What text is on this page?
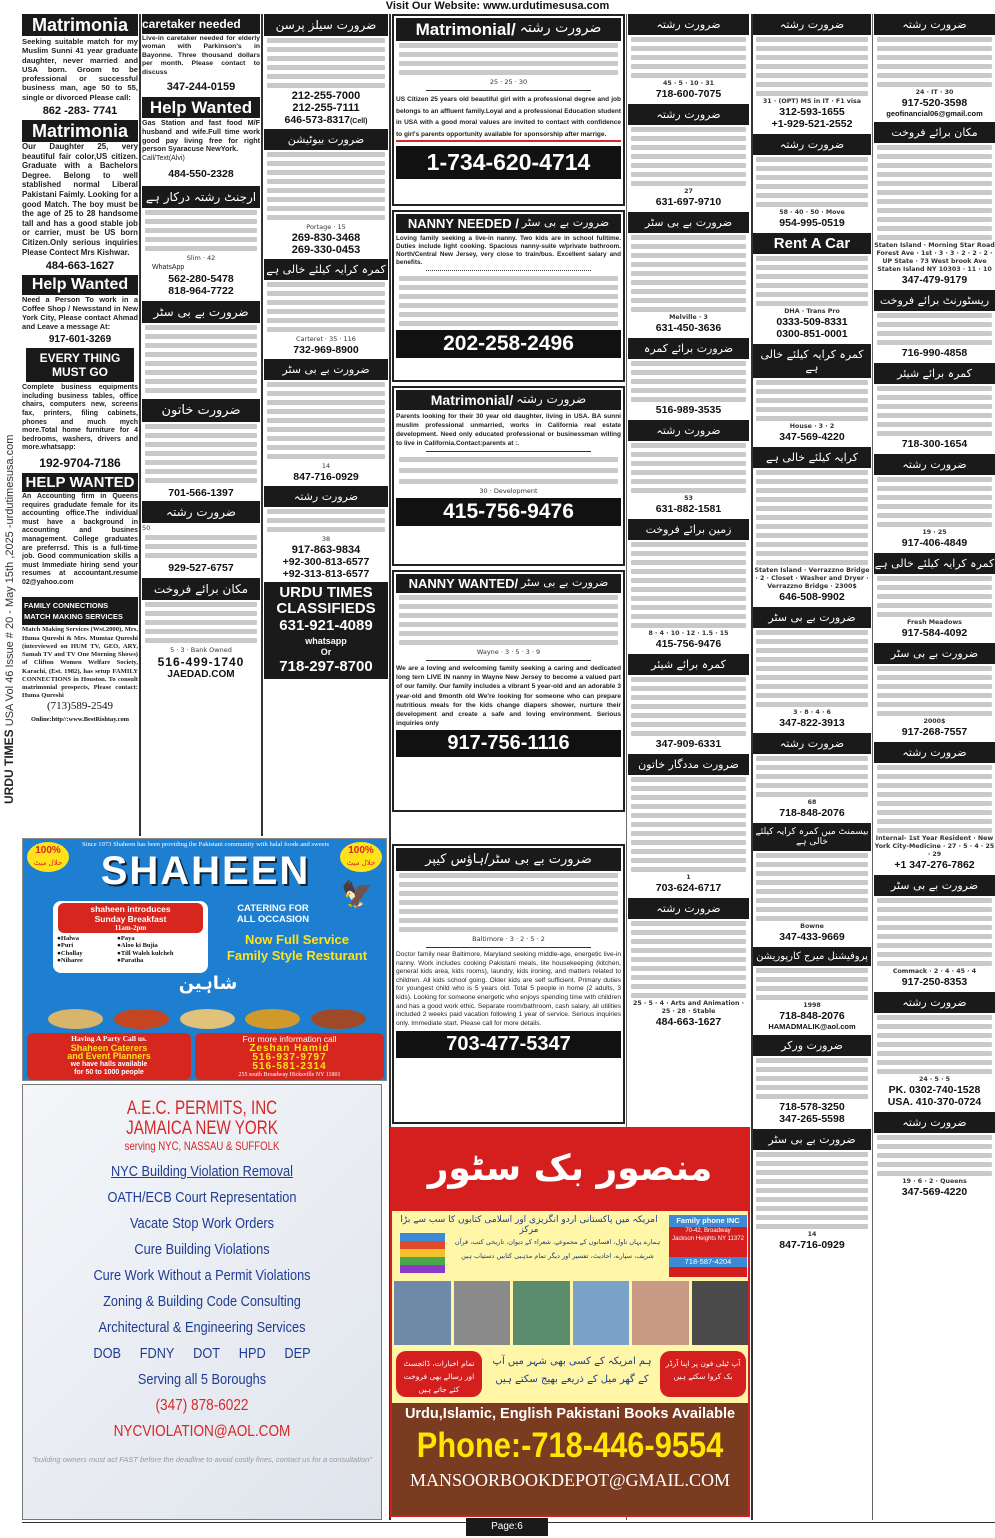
Visit Our Website: www.urdutimesusa.com
URDU TIMES USA Vol 46 Issue # 20 - May 15th ,2025 -urdutimesusa.com
Matrimonia
Seeking suitable match for my Muslim Sunni 41 year graduate daughter, never married and USA born. Groom to be professional or successful business man, age 50 to 55, single or divorced Please call:
862 -283- 7741
Matrimonia
Our Daughter 25, very beautiful fair color,US citizen. Graduate with a Bachelors Degree. Belong to well stablished normal Liberal Pakistani Faimly. Looking for a good Match. The boy must be the age of 25 to 28 handsome tall and has a good stable job or carrier, must be US born Citizen.Only serious inquiries Please Contect Mrs Kishwar.
484-663-1627
Help Wanted
Need a Person To work in a Coffee Shop / Newsstand in New York City, Please contact Ahmad and Leave a message At:
917-601-3269
EVERY THING
MUST GO
Complete business equipments including business tables, office chairs, computers new, screens fax, printers, filing cabinets, phones and much mych more.Total home furniture for 4 bedrooms, washers, drivers and more.whatsapp:
192-9704-7186
HELP WANTED
An Accounting firm in Queens requires gradudate female for its accounting office.The individual must have a background in accounting and busines management. College graduates are preferrsd. This is a full-time job. Good communication skills a must Immediate hiring send your resumes at accountant.resume 02@yahoo.com
FAMILY CONNECTIONS
MATCH MAKING SERVICES
Match Making Services (Wst.2000), Mrs. Huma Qureshi & Mrs. Mumtaz Qureshi (interviewed on HUM TV, GEO, ARY, Samah TV and TV One Morning Shows) of Clifton Women Welfare Society, Karachi, (Est. 1982), has setup FAMILY CONNECTIONS in Houston. To consult matrimonial prospects, Please contact: Huma Qureshi
(713)589-2549
Online:http//:www.BestRishtay.com
caretaker needed
Live-in caretaker needed for elderly woman with Parkinson's in Bayonne. Three thousand dollars per month. Please contact to discuss
347-244-0159
Help Wanted
Gas Station and fast food M/F husband and wife.Full time work good pay living free for right person Syaracuse NewYork.
Call/Text(Alvi)
484-550-2328
ارجنٹ رشتہ درکار ہے
42 · Slim
WhatsApp
562-280-5478
818-964-7722
ضرورت بے بی سٹر
ضرورت خاتون
701-566-1397
ضرورت رشتہ
50
929-527-6757
مکان برائے فروخت
5 · 3 · Bank Owned
516-499-1740
JAEDAD.COM
ضرورت سیلز پرسن
212-255-7000
212-255-7111
646-573-8317(Cell)
ضرورت بیوٹیشن
Portage · 15
269-830-3468
269-330-0453
کمرہ کرایہ کیلئے خالی ہے
Carteret · 35 · 116
732-969-8900
ضرورت بے بی سٹر
14
847-716-0929
ضرورت رشتہ
38
917-863-9834
+92-300-813-6577
+92-313-813-6577
URDU TIMES
CLASSIFIEDS
631-921-4089
whatsapp
Or
718-297-8700
Since 1973 Shaheen has been providing the Pakistani community with halal foods and sweets
100%
حلال میٹ
100%
حلال میٹ
SHAHEEN
🦅
shaheen introduces
Sunday Breakfast
11am-2pm
●Halwa
●Puri
●Chollay
●Niharee
●Paya
●Aloo ki Bujia
●Till Waleh kulcheh
●Paratha
CATERING FOR
ALL OCCASION
Now Full Service
Family Style Resturant
شاہین
Having A Party Call us.
Shaheen Caterers
and Event Planners
we have halls available
for 50 to 1000 people
For more information call
Zeshan Hamid
516-937-9797
516-581-2314
255 south Broadway Hicksville NY 11801
A.E.C. PERMITS, INC
JAMAICA NEW YORK
serving NYC, NASSAU & SUFFOLK
NYC Building Violation Removal
OATH/ECB Court Representation
Vacate Stop Work Orders
Cure Building Violations
Cure Work Without a Permit Violations
Zoning & Building Code Consulting
Architectural & Engineering Services
DOB FDNY DOT HPD DEP
Serving all 5 Boroughs
(347) 878-6022
NYCVIOLATION@AOL.COM
"building owners must act FAST before the deadline to avoid costly fines, contact us for a consultation"
Matrimonial/ ضرورت رشتہ
25 · 25 · 30
US Citizen 25 years old beautiful girl with a professional degree and job belongs to an affluent family.Loyal and a professional Education student in USA with a good moral values are invited to contact with confidence to girl's parents opportunity available for sponsorship after marrige.
1-734-620-4714
NANNY NEEDED / ضرورت بے بی سٹر
Loving family seeking a live-in nanny. Two kids are in school fulltime. Duties include light cooking. Spacious nanny-suite w/private bathroom. North/Central New Jersey, very close to train/bus. Excellent salary and benefits.
202-258-2496
Matrimonial/ ضرورت رشتہ
Parents looking for their 30 year old daughter, living in USA. BA sunni muslim professional unmarried, works in California real estate development. Need only educated professional or businessman willing to live in California.Contact:parents at :.
30 · Development
415-756-9476
NANNY WANTED/ ضرورت بے بی سٹر
Wayne · 3 · 5 · 3 · 9
We are a loving and welcoming family seeking a caring and dedicated long tern LIVE IN nanny in Wayne New Jersey to become a valued part of our family. Our family includes a vibrant 5 year-old and an adorable 3 year-old and 9month old We're looking for someone who can prepare nutritious meals for the kids change diapers shower, nurture their development and create a safe and loving environment. Serious inquiries only
917-756-1116
ضرورت بے بی سٹر/ہاؤس کیپر
Baltimore · 3 · 2 · 5 · 2
Doctor family near Baltimore, Maryland seeking middle-age, energetic live-in nanny. Work includes cooking Pakistani meals, lite housekeeping (kitchen, general kids area, kids rooms), laundry, kids ironing, and matters related to children. All kids school going. Older kids are self sufficient. Primary duties for youngest child who is 5 years old. Total 5 people in home (2 adults, 3 kids). Looking for someone energetic who enjoys spending time with children and has a good work ethic. Separate room/bathroom, cash salary, all utilities included 2 weeks paid vacation following 1 year of service. Serious inquiries only. Immediate start. Please call for more details.
703-477-5347
منصور بک سٹور
امریکہ میں پاکستانی اردو انگریزی اور اسلامی کتابوں کا سب سے بڑا مرکز
ہمارے یہاں ناول، افسانوں کے مجموعے، شعراء کے دیوان، تاریخی کتب، قرآن
شریف، سپارے، احادیث، تفسیر اور دیگر تمام مذہبی کتابیں دستیاب ہیں
Family phone INC
70-42, Broadway
Jackson Heights NY 11372
718-587-4204
تمام اخبارات، ڈائجسٹ اور رسالے بھی فروخت کئے جاتے ہیں
ہم امریکہ کے کسی بھی شہر میں آپ
کے گھر میل کے ذریعے بھیج سکتے ہیں
آپ ٹیلی فون پر اپنا آرڈر بک کروا سکتے ہیں
Urdu,Islamic, English Pakistani Books Available
Phone:-718-446-9554
MANSOORBOOKDEPOT@GMAIL.COM
ضرورت رشتہ
45 · 5 · 10 · 31
718-600-7075
ضرورت رشتہ
27
631-697-9710
ضرورت بے بی سٹر
Melville · 3
631-450-3636
ضرورت برائے کمرہ
516-989-3535
ضرورت رشتہ
53
631-882-1581
زمین برائے فروخت
8 · 4 · 10 · 12 · 1.5 · 15
415-756-9476
کمرہ برائے شیئر
347-909-6331
ضرورت مددگار خاتون
1
703-624-6717
ضرورت رشتہ
25 · 5 · 4 · Arts and Animation · 25 · 28 · Stable
484-663-1627
ضرورت رشتہ
31 · (OPT) MS in IT · F1 visa
312-593-1655
+1-929-521-2552
ضرورت رشتہ
58 · 40 · 50 · Move
954-995-0519
Rent A Car
DHA · Trans Pro
0333-509-8331
0300-851-0001
کمرہ کرایہ کیلئے خالی ہے
House · 3 · 2
347-569-4220
کرایہ کیلئے خالی ہے
Staten Island · Verrazzno Bridge · 2 · Closet · Washer and Dryer · Verrazzno Bridge · 2300$
646-508-9902
ضرورت بے بی سٹر
3 · 8 · 4 · 6
347-822-3913
ضرورت رشتہ
68
718-848-2076
بیسمنٹ میں کمرہ کرایہ کیلئے خالی ہے
Bowne
347-433-9669
پروفیشنل میرج کارپوریشن
1998
718-848-2076
HAMADMALIK@aol.com
ضرورت ورکر
718-578-3250
347-265-5598
ضرورت بے بی سٹر
14
847-716-0929
ضرورت رشتہ
24 · IT · 30
917-520-3598
geofinancial06@gmail.com
مکان برائے فروخت
Staten Island · Morning Star Road Forest Ave · 1st · 3 · 3 · 2 · 2 · 2 · UP State · 73 West brook Ave Staten Island NY 10303 · 11 · 10
347-479-9179
ریسٹورنٹ برائے فروخت
716-990-4858
کمرہ برائے شیئر
718-300-1654
ضرورت رشتہ
19 · 25
917-406-4849
کمرہ کرایہ کیلئے خالی ہے
Fresh Meadows
917-584-4092
ضرورت بے بی سٹر
2000$
917-268-7557
ضرورت رشتہ
Internal- 1st Year Resident · New York City-Medicine · 27 · 5 · 4 · 25 · 29
+1 347-276-7862
ضرورت بے بی سٹر
Commack · 2 · 4 · 45 · 4
917-250-8353
ضرورت رشتہ
24 · 5 · 5
PK. 0302-740-1528
USA. 410-370-0724
ضرورت رشتہ
19 · 6 · 2 · Queens
347-569-4220
Page:6
